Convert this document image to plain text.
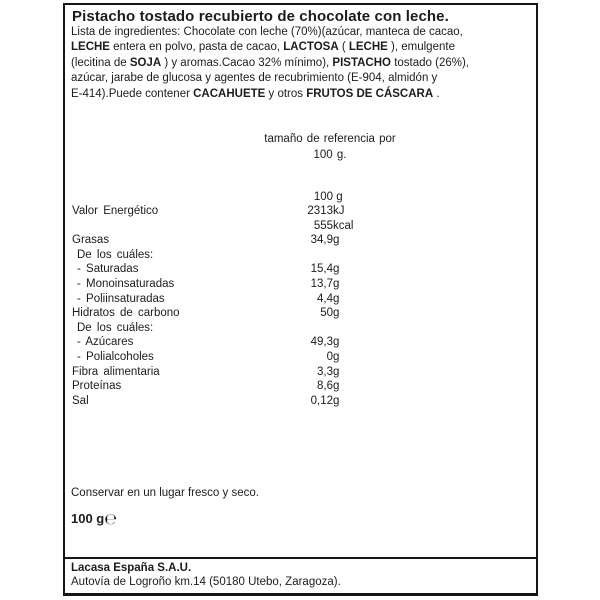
Pistacho tostado recubierto de chocolate con leche.
Lista de ingredientes: Chocolate con leche (70%)(azúcar, manteca de cacao,
LECHE entera en polvo, pasta de cacao, LACTOSA ( LECHE ), emulgente
(lecitina de SOJA ) y aromas.Cacao 32% mínimo), PISTACHO tostado (26%),
azúcar, jarabe de glucosa y agentes de recubrimiento (E-904, almidón y
E-414).Puede contener CACAHUETE y otros FRUTOS DE CÁSCARA .
tamaño de referencia por
100 g.
100 g
Valor Energético	2313kJ
555kcal
Grasas	34,9g
De los cuáles:
- Saturadas	15,4g
- Monoinsaturadas	13,7g
- Poliinsaturadas	4,4g
Hidratos de carbono	50g
De los cuáles:
- Azúcares	49,3g
- Polialcoholes	0g
Fibra alimentaria	3,3g
Proteínas	8,6g
Sal	0,12g
Conservar en un lugar fresco y seco.
100 g℮
Lacasa España S.A.U.
Autovía de Logroño km.14 (50180 Utebo, Zaragoza).
